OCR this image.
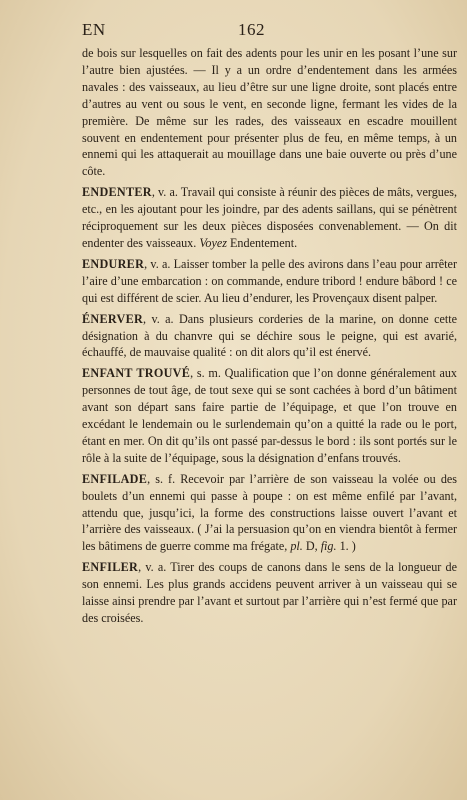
EN	162

de bois sur lesquelles on fait des adents pour les unir en les posant l’une sur l’autre bien ajustées. — Il y a un ordre d’endentement dans les armées navales : des vaisseaux, au lieu d’être sur une ligne droite, sont placés entre d’autres au vent ou sous le vent, en seconde ligne, fermant les vides de la première. De même sur les rades, des vaisseaux en escadre mouillent souvent en endentement pour présenter plus de feu, en même temps, à un ennemi qui les attaquerait au mouillage dans une baie ouverte ou près d’une côte.

ENDENTER, v. a. Travail qui consiste à réunir des pièces de mâts, vergues, etc., en les ajoutant pour les joindre, par des adents saillans, qui se pénètrent réciproquement sur les deux pièces disposées convenablement. — On dit endenter des vaisseaux. Voyez Endentement.

ENDURER, v. a. Laisser tomber la pelle des avirons dans l’eau pour arrêter l’aire d’une embarcation : on commande, endure tribord ! endure bâbord ! ce qui est différent de scier. Au lieu d’endurer, les Provençaux disent palper.

ÉNERVER, v. a. Dans plusieurs corderies de la marine, on donne cette désignation à du chanvre qui se déchire sous le peigne, qui est avarié, échauffé, de mauvaise qualité : on dit alors qu’il est énervé.

ENFANT TROUVÉ, s. m. Qualification que l’on donne généralement aux personnes de tout âge, de tout sexe qui se sont cachées à bord d’un bâtiment avant son départ sans faire partie de l’équipage, et que l’on trouve en excédant le lendemain ou le surlendemain qu’on a quitté la rade ou le port, étant en mer. On dit qu’ils ont passé par-dessus le bord : ils sont portés sur le rôle à la suite de l’équipage, sous la désignation d’enfans trouvés.

ENFILADE, s. f. Recevoir par l’arrière de son vaisseau la volée ou des boulets d’un ennemi qui passe à poupe : on est même enfilé par l’avant, attendu que, jusqu’ici, la forme des constructions laisse ouvert l’avant et l’arrière des vaisseaux. ( J’ai la persuasion qu’on en viendra bientôt à fermer les bâtimens de guerre comme ma frégate, pl. D, fig. 1. )

ENFILER, v. a. Tirer des coups de canons dans le sens de la longueur de son ennemi. Les plus grands accidens peuvent arriver à un vaisseau qui se laisse ainsi prendre par l’avant et surtout par l’arrière qui n’est fermé que par des croisées.
